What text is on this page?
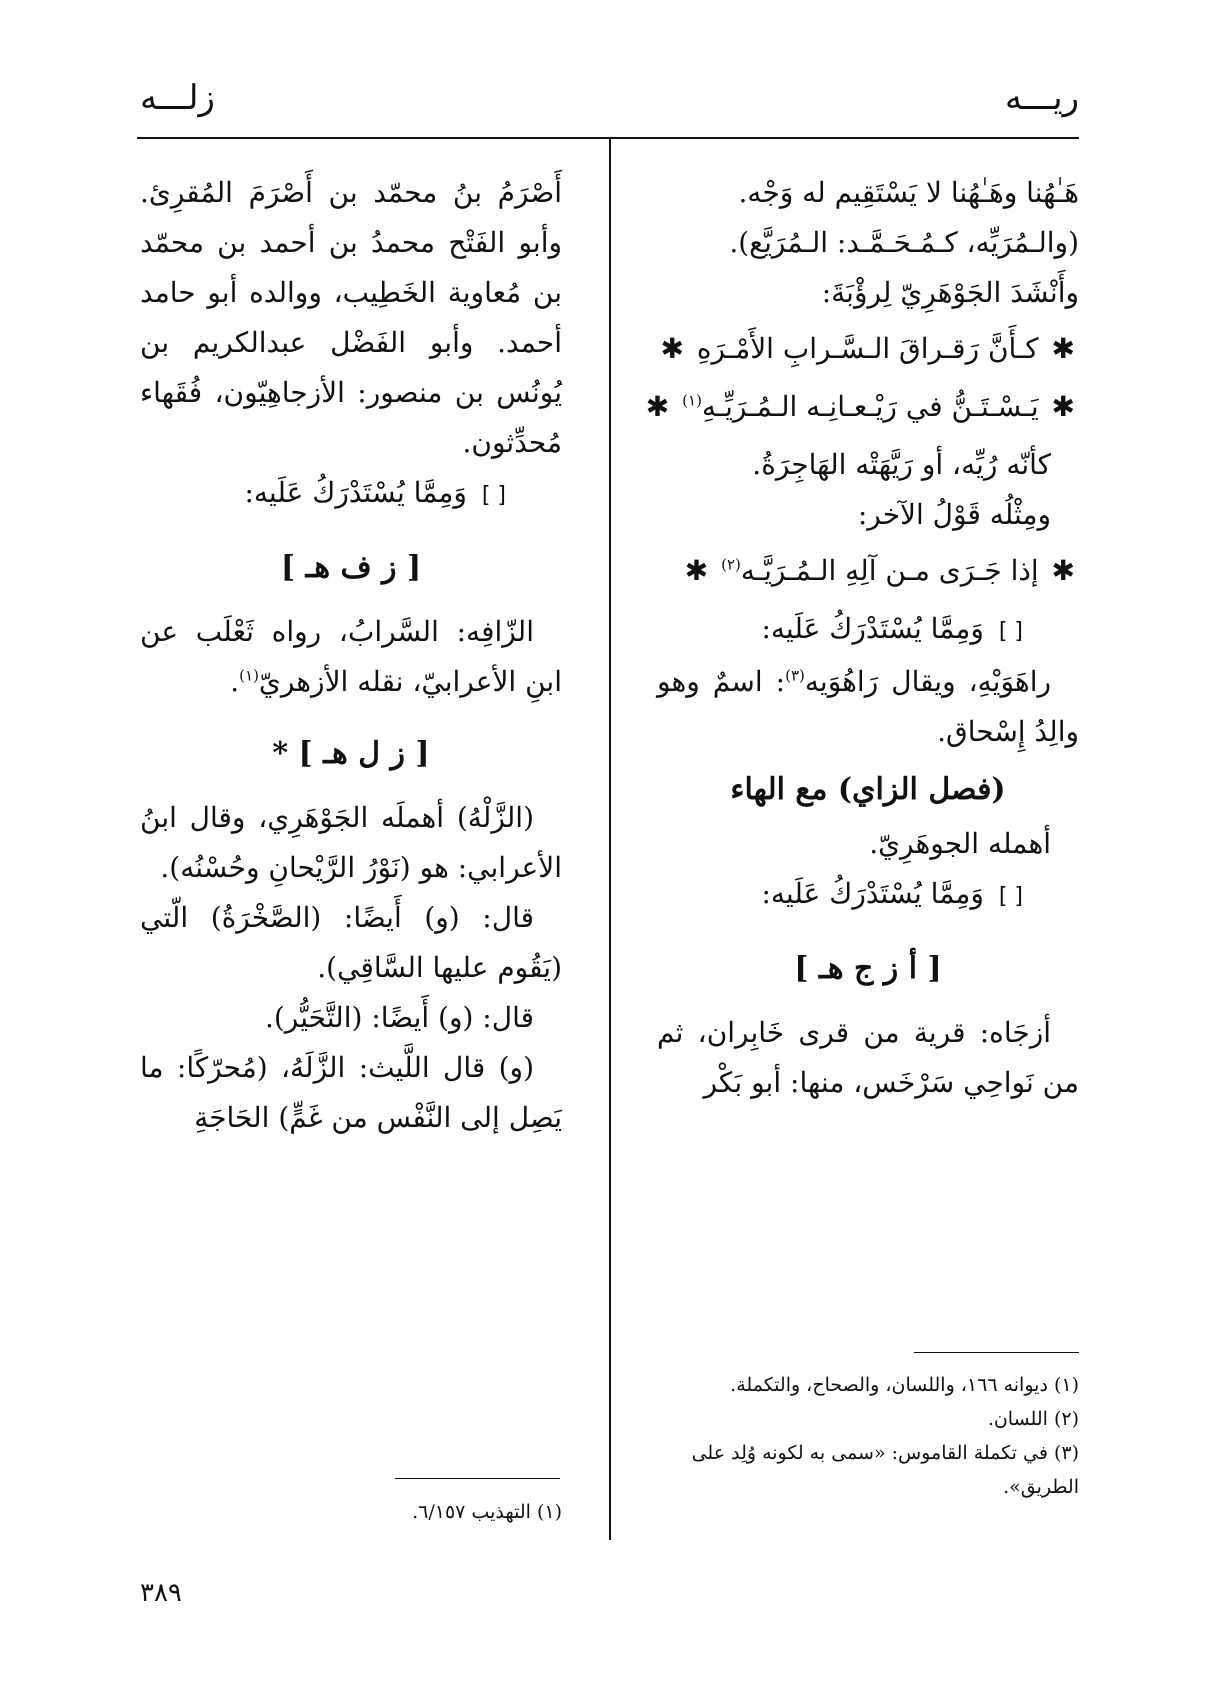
ريـــه
زلـــه

هَـٰهُنا وهَـٰهُنا لا يَسْتَقِيم له وَجْه.

(والـمُرَيِّه، كـمُـحَـمَّـد: الـمُرَيَّع).

وأَنْشَدَ الجَوْهَرِيّ لِرؤْبَةَ:

✱ كـأَنَّ رَقـراقَ الـسَّـرابِ الأَمْـرَهِ ✱
✱ يَـسْـتَـنُّ في رَيْـعـانِـه الـمُـرَيِّـهِ$^{(١)}$ ✱

كأنّه رُيِّه، أو رَيَّهَتْه الهَاجِرَةُ.

ومِثْلُه قَوْلُ الآخر:

✱ إذا جَـرَى مـن آلِهِ الـمُـرَيَّـه$^{(٢)}$ ✱

[ ] وَمِمَّا يُسْتَدْرَكُ عَلَيه:

راهَوَيْهِ، ويقال رَاهُوَيه$^{(٣)}$: اسمٌ وهو والِدُ إِسْحاق.

(فصل الزاي) مع الهاء

أهمله الجوهَرِيّ.

[ ] وَمِمَّا يُسْتَدْرَكُ عَلَيه:

[ أ ز ج هـ ]

أزجَاه: قرية من قرى خَابِران، ثم من نَواحِي سَرْخَس، منها: أبو بَكْر

(١) ديوانه ١٦٦، واللسان، والصحاح، والتكملة.

(٢) اللسان.

(٣) في تكملة القاموس: «سمى به لكونه وُلِد على الطريق».

أَصْرَمُ بنُ محمّد بن أَصْرَمَ المُقرِئ. وأبو الفَتْح محمدُ بن أحمد بن محمّد بن مُعاوية الخَطِيب، ووالده أبو حامد أحمد. وأبو الفَضْل عبدالكريم بن يُونُس بن منصور: الأزجاهِيّون، فُقَهاء مُحدِّثون.

[ ] وَمِمَّا يُسْتَدْرَكُ عَلَيه:

[ ز ف هـ ]

الزّافِه: السَّرابُ، رواه ثَعْلَب عن ابنِ الأعرابيّ، نقله الأزهريّ$^{(١)}$.

[ ز ل هـ ] *

(الزَّلْهُ) أهملَه الجَوْهَرِي، وقال ابنُ الأعرابي: هو (نَوْرُ الرَّيْحانِ وحُسْنُه).

قال: (و) أَيضًا: (الصَّخْرَةُ) الّتي (يَقُوم عليها السَّاقِي).

قال: (و) أَيضًا: (التَّحَيُّر).

(و) قال اللَّيث: الزَّلَهُ، (مُحرّكًا: ما يَصِل إلى النَّفْس من غَمٍّ) الحَاجَةِ

(١) التهذيب ٦/١٥٧.

٣٨٩
